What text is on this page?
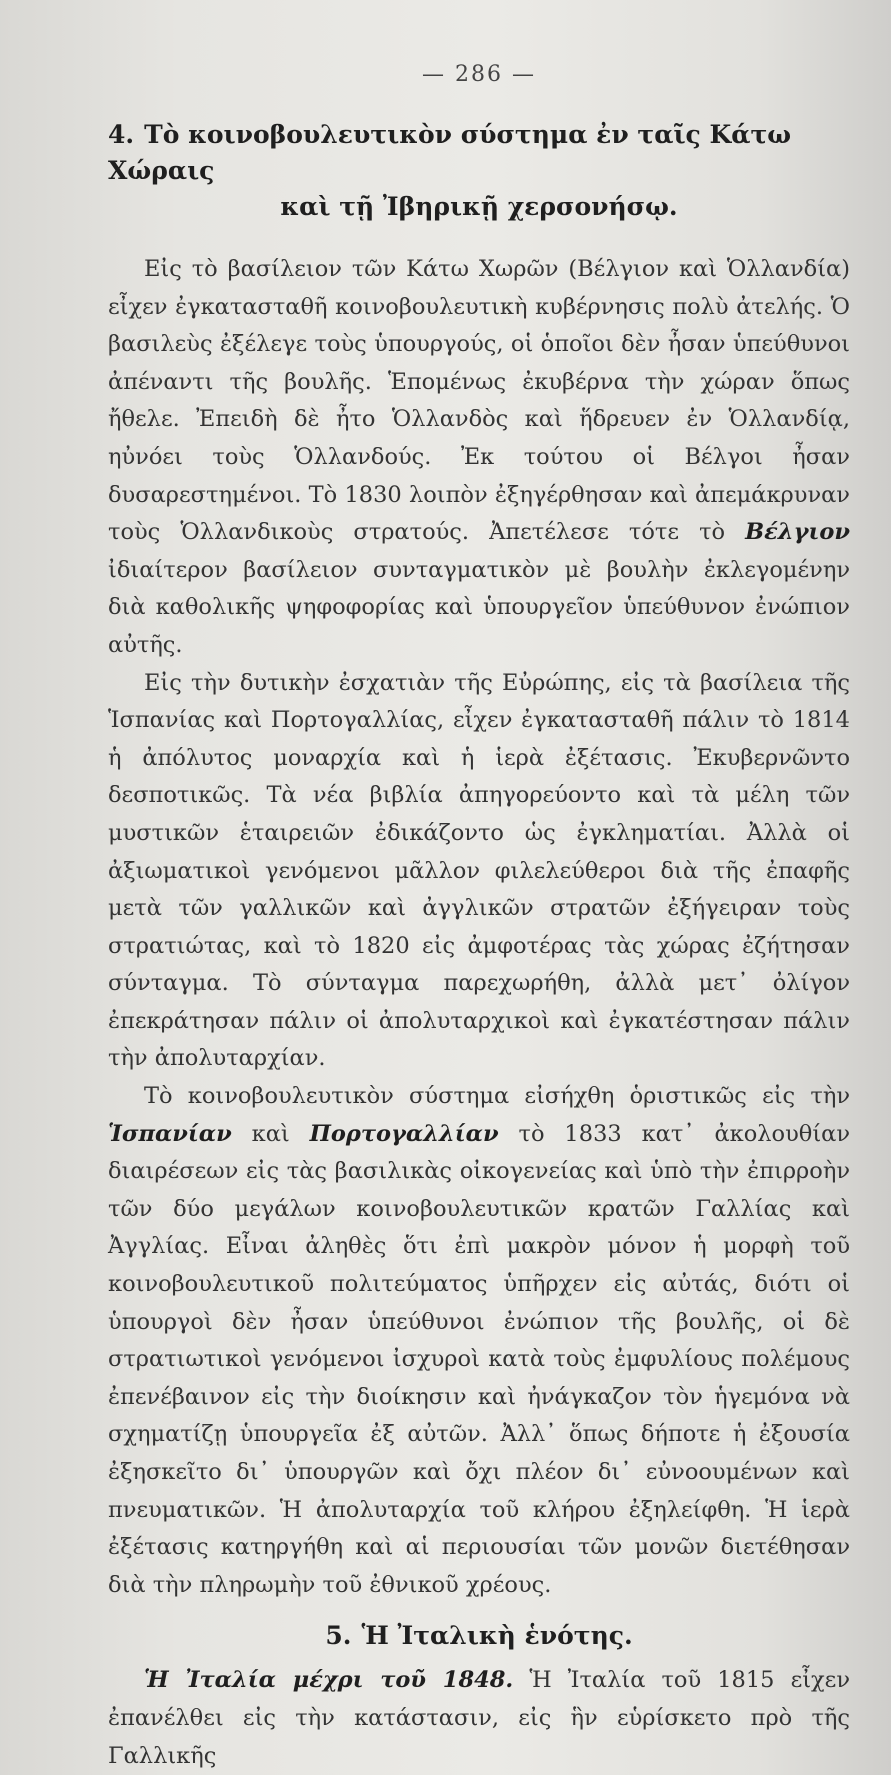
— 286 —
4. Τὸ κοινοβουλευτικὸν σύστημα ἐν ταῖς Κάτω Χώραις
καὶ τῇ Ἰβηρικῇ χερσονήσῳ.

Εἰς τὸ βασίλειον τῶν Κάτω Χωρῶν (Βέλγιον καὶ Ὁλλανδία) εἶχεν ἐγκατασταθῆ κοινοβουλευτικὴ κυβέρνησις πολὺ ἀτελής. Ὁ βασιλεὺς ἐξέλεγε τοὺς ὑπουργούς, οἱ ὁποῖοι δὲν ἦσαν ὑπεύθυνοι ἀπέναντι τῆς βουλῆς. Ἑπομένως ἐκυβέρνα τὴν χώραν ὅπως ἤθελε. Ἐπειδὴ δὲ ἦτο Ὁλλανδὸς καὶ ἥδρευεν ἐν Ὁλλανδίᾳ, ηὐνόει τοὺς Ὁλλανδούς. Ἐκ τούτου οἱ Βέλγοι ἦσαν δυσαρεστημένοι. Τὸ 1830 λοιπὸν ἐξηγέρθησαν καὶ ἀπεμάκρυναν τοὺς Ὁλλανδικοὺς στρατούς. Ἀπετέλεσε τότε τὸ Βέλγιον ἰδιαίτερον βασίλειον συνταγματικὸν μὲ βουλὴν ἐκλεγομένην διὰ καθολικῆς ψηφοφορίας καὶ ὑπουργεῖον ὑπεύθυνον ἐνώπιον αὐτῆς.

Εἰς τὴν δυτικὴν ἐσχατιὰν τῆς Εὐρώπης, εἰς τὰ βασίλεια τῆς Ἱσπανίας καὶ Πορτογαλλίας, εἶχεν ἐγκατασταθῆ πάλιν τὸ 1814 ἡ ἀπόλυτος μοναρχία καὶ ἡ ἱερὰ ἐξέτασις. Ἐκυβερνῶντο δεσποτικῶς. Τὰ νέα βιβλία ἀπηγορεύοντο καὶ τὰ μέλη τῶν μυστικῶν ἑταιρειῶν ἐδικάζοντο ὡς ἐγκληματίαι. Ἀλλὰ οἱ ἀξιωματικοὶ γενόμενοι μᾶλλον φιλελεύθεροι διὰ τῆς ἐπαφῆς μετὰ τῶν γαλλικῶν καὶ ἀγγλικῶν στρατῶν ἐξήγειραν τοὺς στρατιώτας, καὶ τὸ 1820 εἰς ἀμφοτέρας τὰς χώρας ἐζήτησαν σύνταγμα. Τὸ σύνταγμα παρεχωρήθη, ἀλλὰ μετ᾽ ὀλίγον ἐπεκράτησαν πάλιν οἱ ἀπολυταρχικοὶ καὶ ἐγκατέστησαν πάλιν τὴν ἀπολυταρχίαν.

Τὸ κοινοβουλευτικὸν σύστημα εἰσήχθη ὁριστικῶς εἰς τὴν Ἱσπανίαν καὶ Πορτογαλλίαν τὸ 1833 κατ᾽ ἀκολουθίαν διαιρέσεων εἰς τὰς βασιλικὰς οἰκογενείας καὶ ὑπὸ τὴν ἐπιρροὴν τῶν δύο μεγάλων κοινοβουλευτικῶν κρατῶν Γαλλίας καὶ Ἀγγλίας. Εἶναι ἀληθὲς ὅτι ἐπὶ μακρὸν μόνον ἡ μορφὴ τοῦ κοινοβουλευτικοῦ πολιτεύματος ὑπῆρχεν εἰς αὐτάς, διότι οἱ ὑπουργοὶ δὲν ἦσαν ὑπεύθυνοι ἐνώπιον τῆς βουλῆς, οἱ δὲ στρατιωτικοὶ γενόμενοι ἰσχυροὶ κατὰ τοὺς ἐμφυλίους πολέμους ἐπενέβαινον εἰς τὴν διοίκησιν καὶ ἠνάγκαζον τὸν ἡγεμόνα νὰ σχηματίζῃ ὑπουργεῖα ἐξ αὐτῶν. Ἀλλ᾽ ὅπως δήποτε ἡ ἐξουσία ἐξησκεῖτο δι᾽ ὑπουργῶν καὶ ὄχι πλέον δι᾽ εὐνοουμένων καὶ πνευματικῶν. Ἡ ἀπολυταρχία τοῦ κλήρου ἐξηλείφθη. Ἡ ἱερὰ ἐξέτασις κατηργήθη καὶ αἱ περιουσίαι τῶν μονῶν διετέθησαν διὰ τὴν πληρωμὴν τοῦ ἐθνικοῦ χρέους.

5. Ἡ Ἰταλικὴ ἑνότης.

Ἡ Ἰταλία μέχρι τοῦ 1848. Ἡ Ἰταλία τοῦ 1815 εἶχεν ἐπανέλθει εἰς τὴν κατάστασιν, εἰς ἣν εὑρίσκετο πρὸ τῆς Γαλλικῆς
